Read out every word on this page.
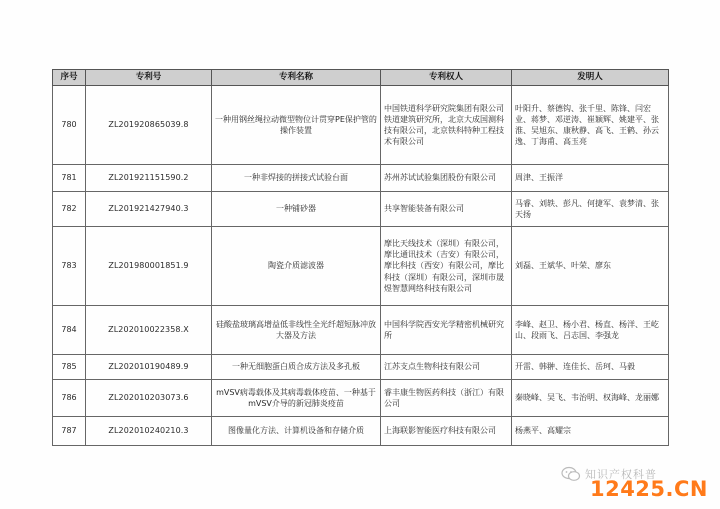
序号	专利号	专利名称	专利权人	发明人
780	ZL201920865039.8	一种用钢丝绳拉动微型物位计贯穿PE保护管的操作装置	中国铁道科学研究院集团有限公司铁道建筑研究所，北京大成国测科技有限公司，北京铁科特种工程技术有限公司	叶阳升、蔡德钩、张千里、陈锋、闫宏业、蒋梦、邓逆涛、崔颖辉、姚建平、张淮、吴旭东、康秋静、高飞、王鹤、孙云逸、丁海甫、高玉亮
781	ZL201921151590.2	一种非焊接的拼接式试验台面	苏州苏试试验集团股份有限公司	周津、王振洋
782	ZL201921427940.3	一种铺砂器	共享智能装备有限公司	马睿、刘轶、彭凡、何捷军、袁梦清、张天扬
783	ZL201980001851.9	陶瓷介质滤波器	摩比天线技术（深圳）有限公司，摩比通讯技术（吉安）有限公司，摩比科技（西安）有限公司，摩比科技（深圳）有限公司，深圳市晟煜智慧网络科技有限公司	刘磊、王斌华、叶荣、廖东
784	ZL202010022358.X	硅酸盐玻璃高增益低非线性全光纤超短脉冲放大器及方法	中国科学院西安光学精密机械研究所	李峰、赵卫、杨小君、杨直、杨洋、王屹山、段雨飞、吕志国、李强龙
785	ZL202010190489.9	一种无细胞蛋白质合成方法及多孔板	江苏支点生物科技有限公司	开雷、韩翀、连佳长、岳珂、马毅
786	ZL202010203073.6	mVSV病毒载体及其病毒载体疫苗、一种基于mVSV介导的新冠肺炎疫苗	睿丰康生物医药科技（浙江）有限公司	秦晓峰、吴飞、韦治明、权海峰、龙丽娜
787	ZL202010240210.3	图像量化方法、计算机设备和存储介质	上海联影智能医疗科技有限公司	杨燕平、高耀宗
知识产权科普
12425.CN
